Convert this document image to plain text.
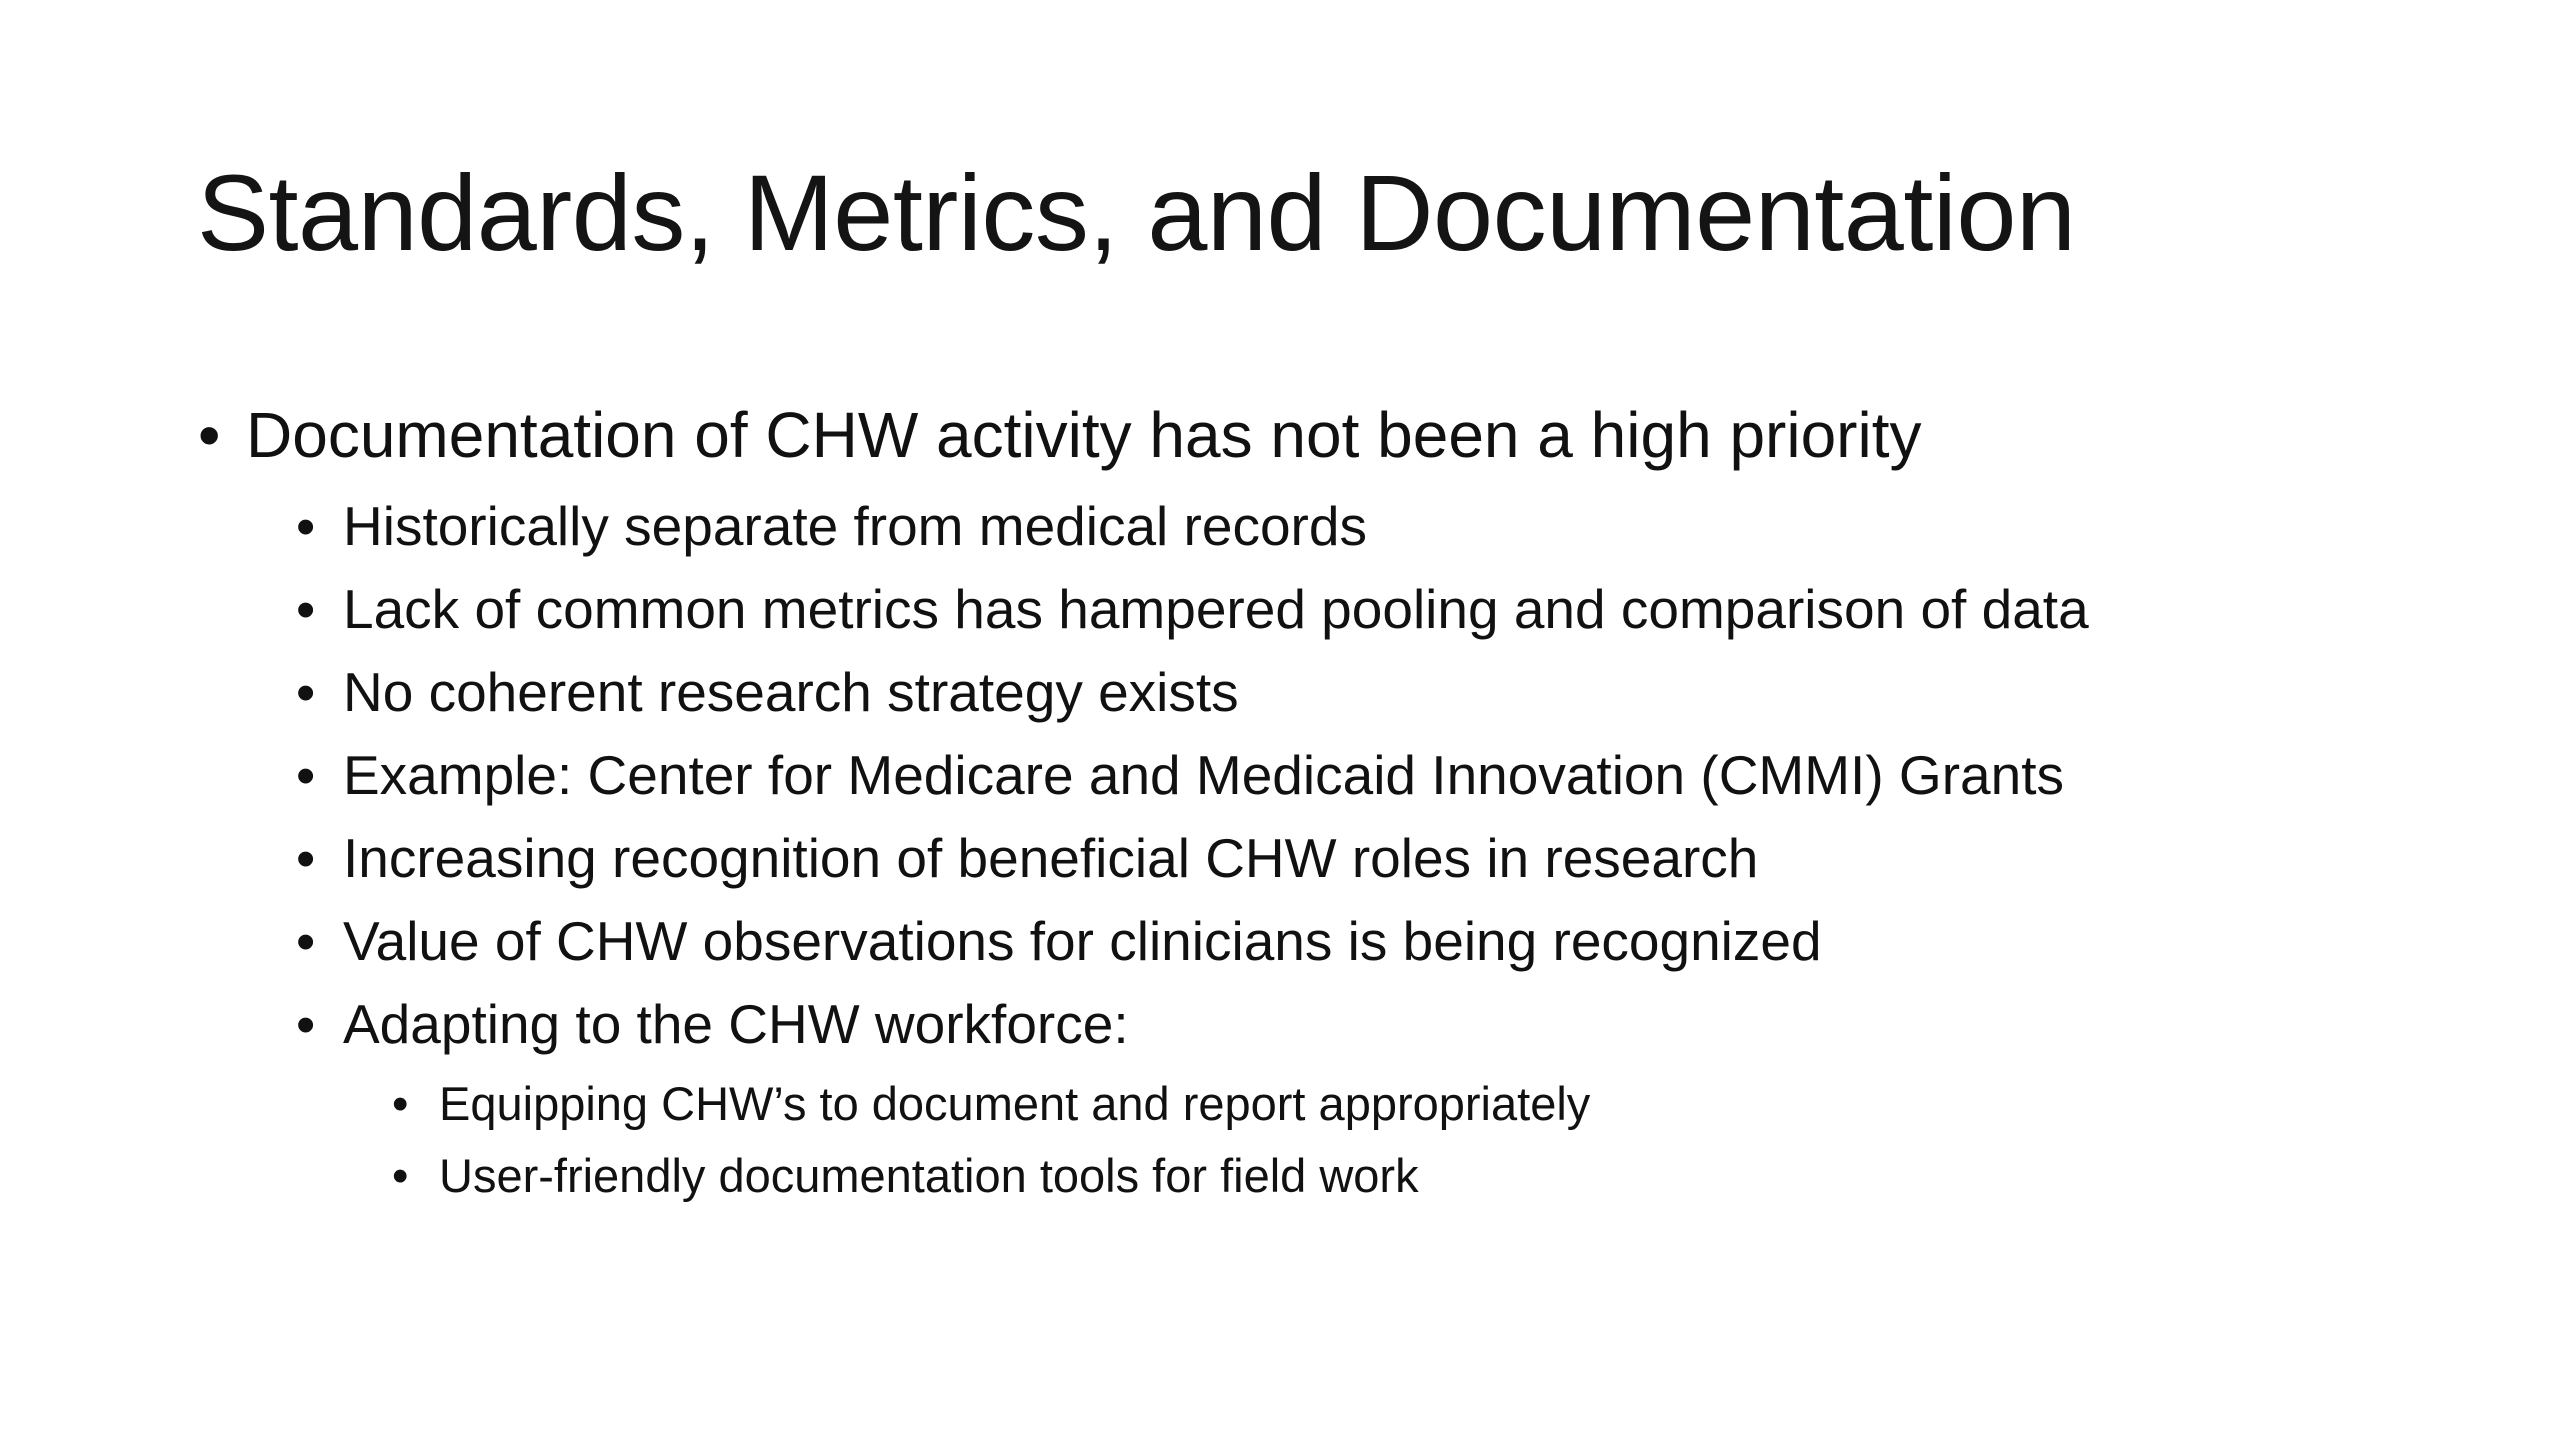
Standards, Metrics, and Documentation
• Documentation of CHW activity has not been a high priority
• Historically separate from medical records
• Lack of common metrics has hampered pooling and comparison of data
• No coherent research strategy exists
• Example: Center for Medicare and Medicaid Innovation (CMMI) Grants
• Increasing recognition of beneficial CHW roles in research
• Value of CHW observations for clinicians is being recognized
• Adapting to the CHW workforce:
• Equipping CHW’s to document and report appropriately
• User-friendly documentation tools for field work
